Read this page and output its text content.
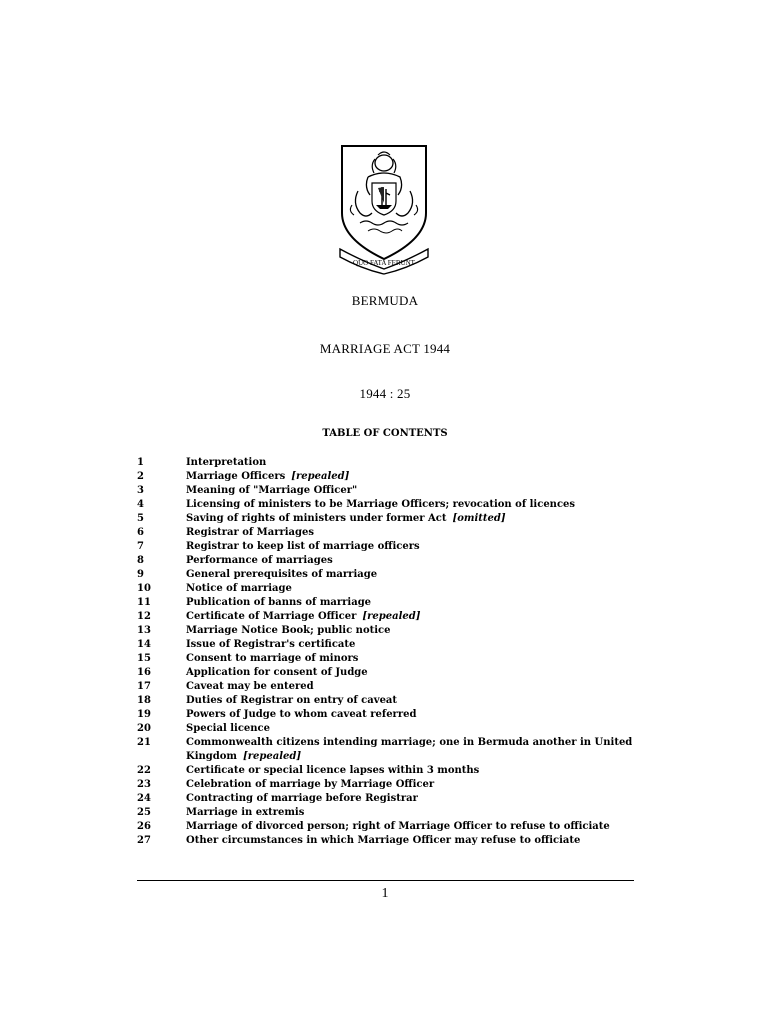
QUO FATA FERUNT
BERMUDA
MARRIAGE ACT 1944
1944 : 25
TABLE OF CONTENTS
1	Interpretation
2	Marriage Officers [repealed]
3	Meaning of "Marriage Officer"
4	Licensing of ministers to be Marriage Officers; revocation of licences
5	Saving of rights of ministers under former Act [omitted]
6	Registrar of Marriages
7	Registrar to keep list of marriage officers
8	Performance of marriages
9	General prerequisites of marriage
10	Notice of marriage
11	Publication of banns of marriage
12	Certificate of Marriage Officer [repealed]
13	Marriage Notice Book; public notice
14	Issue of Registrar's certificate
15	Consent to marriage of minors
16	Application for consent of Judge
17	Caveat may be entered
18	Duties of Registrar on entry of caveat
19	Powers of Judge to whom caveat referred
20	Special licence
21	Commonwealth citizens intending marriage; one in Bermuda another in United Kingdom [repealed]
22	Certificate or special licence lapses within 3 months
23	Celebration of marriage by Marriage Officer
24	Contracting of marriage before Registrar
25	Marriage in extremis
26	Marriage of divorced person; right of Marriage Officer to refuse to officiate
27	Other circumstances in which Marriage Officer may refuse to officiate
1
